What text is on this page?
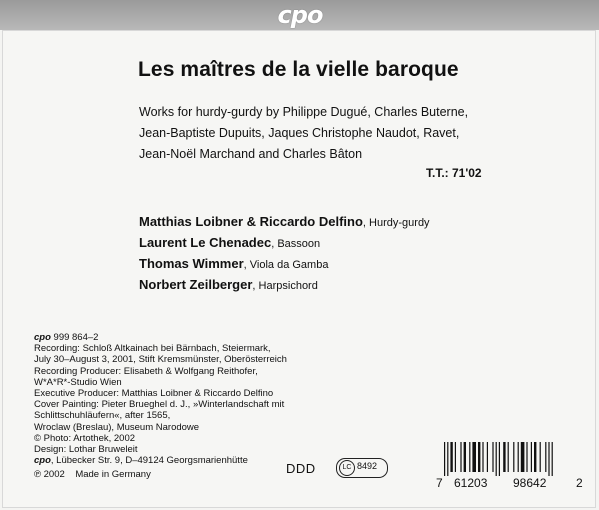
cpo
Les maîtres de la vielle baroque
Works for hurdy-gurdy by Philippe Dugué, Charles Buterne,
Jean-Baptiste Dupuits, Jaques Christophe Naudot, Ravet,
Jean-Noël Marchand and Charles Bâton
T.T.: 71'02
Matthias Loibner & Riccardo Delfino, Hurdy-gurdy
Laurent Le Chenadec, Bassoon
Thomas Wimmer, Viola da Gamba
Norbert Zeilberger, Harpsichord
cpo 999 864–2
Recording: Schloß Altkainach bei Bärnbach, Steiermark,
July 30–August 3, 2001, Stift Kremsmünster, Oberösterreich
Recording Producer: Elisabeth & Wolfgang Reithofer,
W*A*R*-Studio Wien
Executive Producer: Matthias Loibner & Riccardo Delfino
Cover Painting: Pieter Brueghel d. J., »Winterlandschaft mit
Schlittschuhläufern«, after 1565,
Wroclaw (Breslau), Museum Narodowe
© Photo: Artothek, 2002
Design: Lothar Bruweleit
cpo, Lübecker Str. 9, D–49124 Georgsmarienhütte
℗ 2002    Made in Germany	DDD	LC 8492
7 61203 98642 2
